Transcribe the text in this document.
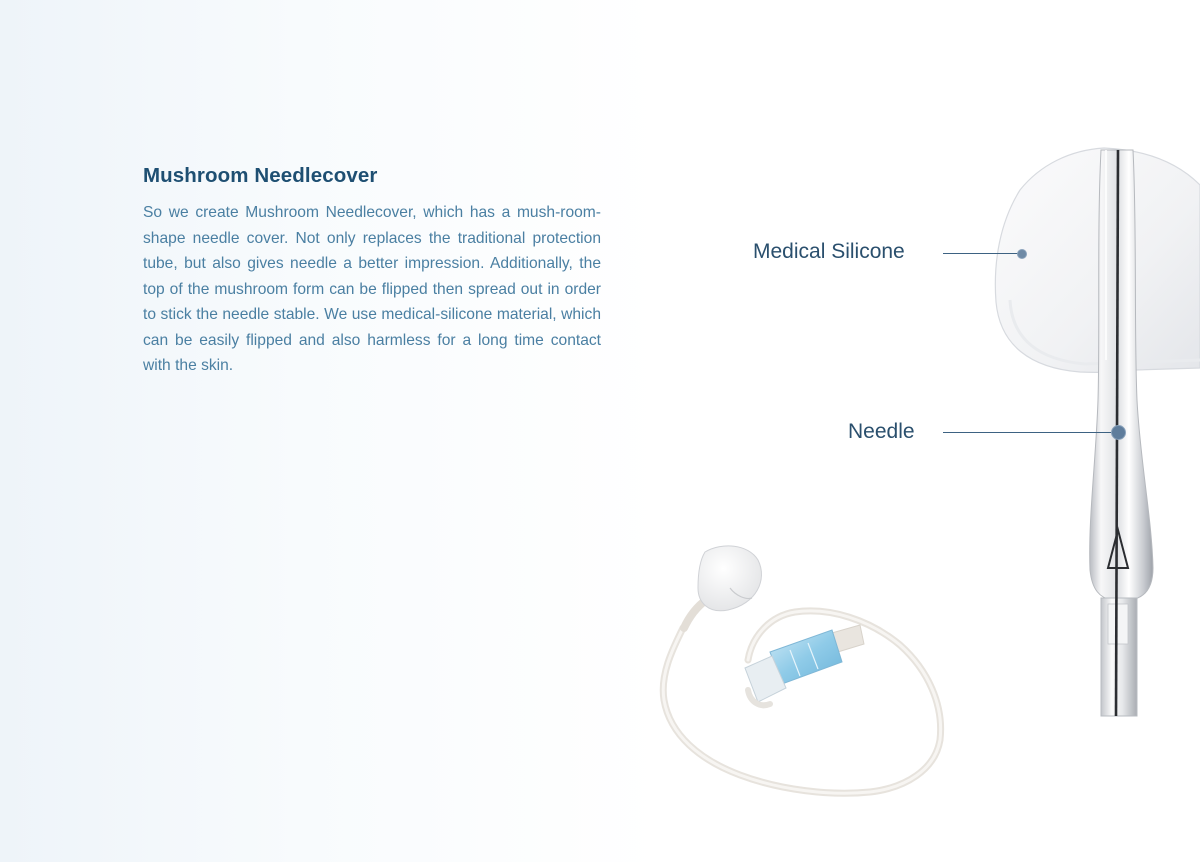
Mushroom Needlecover

So we create Mushroom Needlecover, which has a mush-room-shape needle cover. Not only replaces the traditional protection tube, but also gives needle a better impression. Additionally, the top of the mushroom form can be flipped then spread out in order to stick the needle stable. We use medical-silicone material, which can be easily flipped and also harmless for a long time contact with the skin.

Medical Silicone
Needle
